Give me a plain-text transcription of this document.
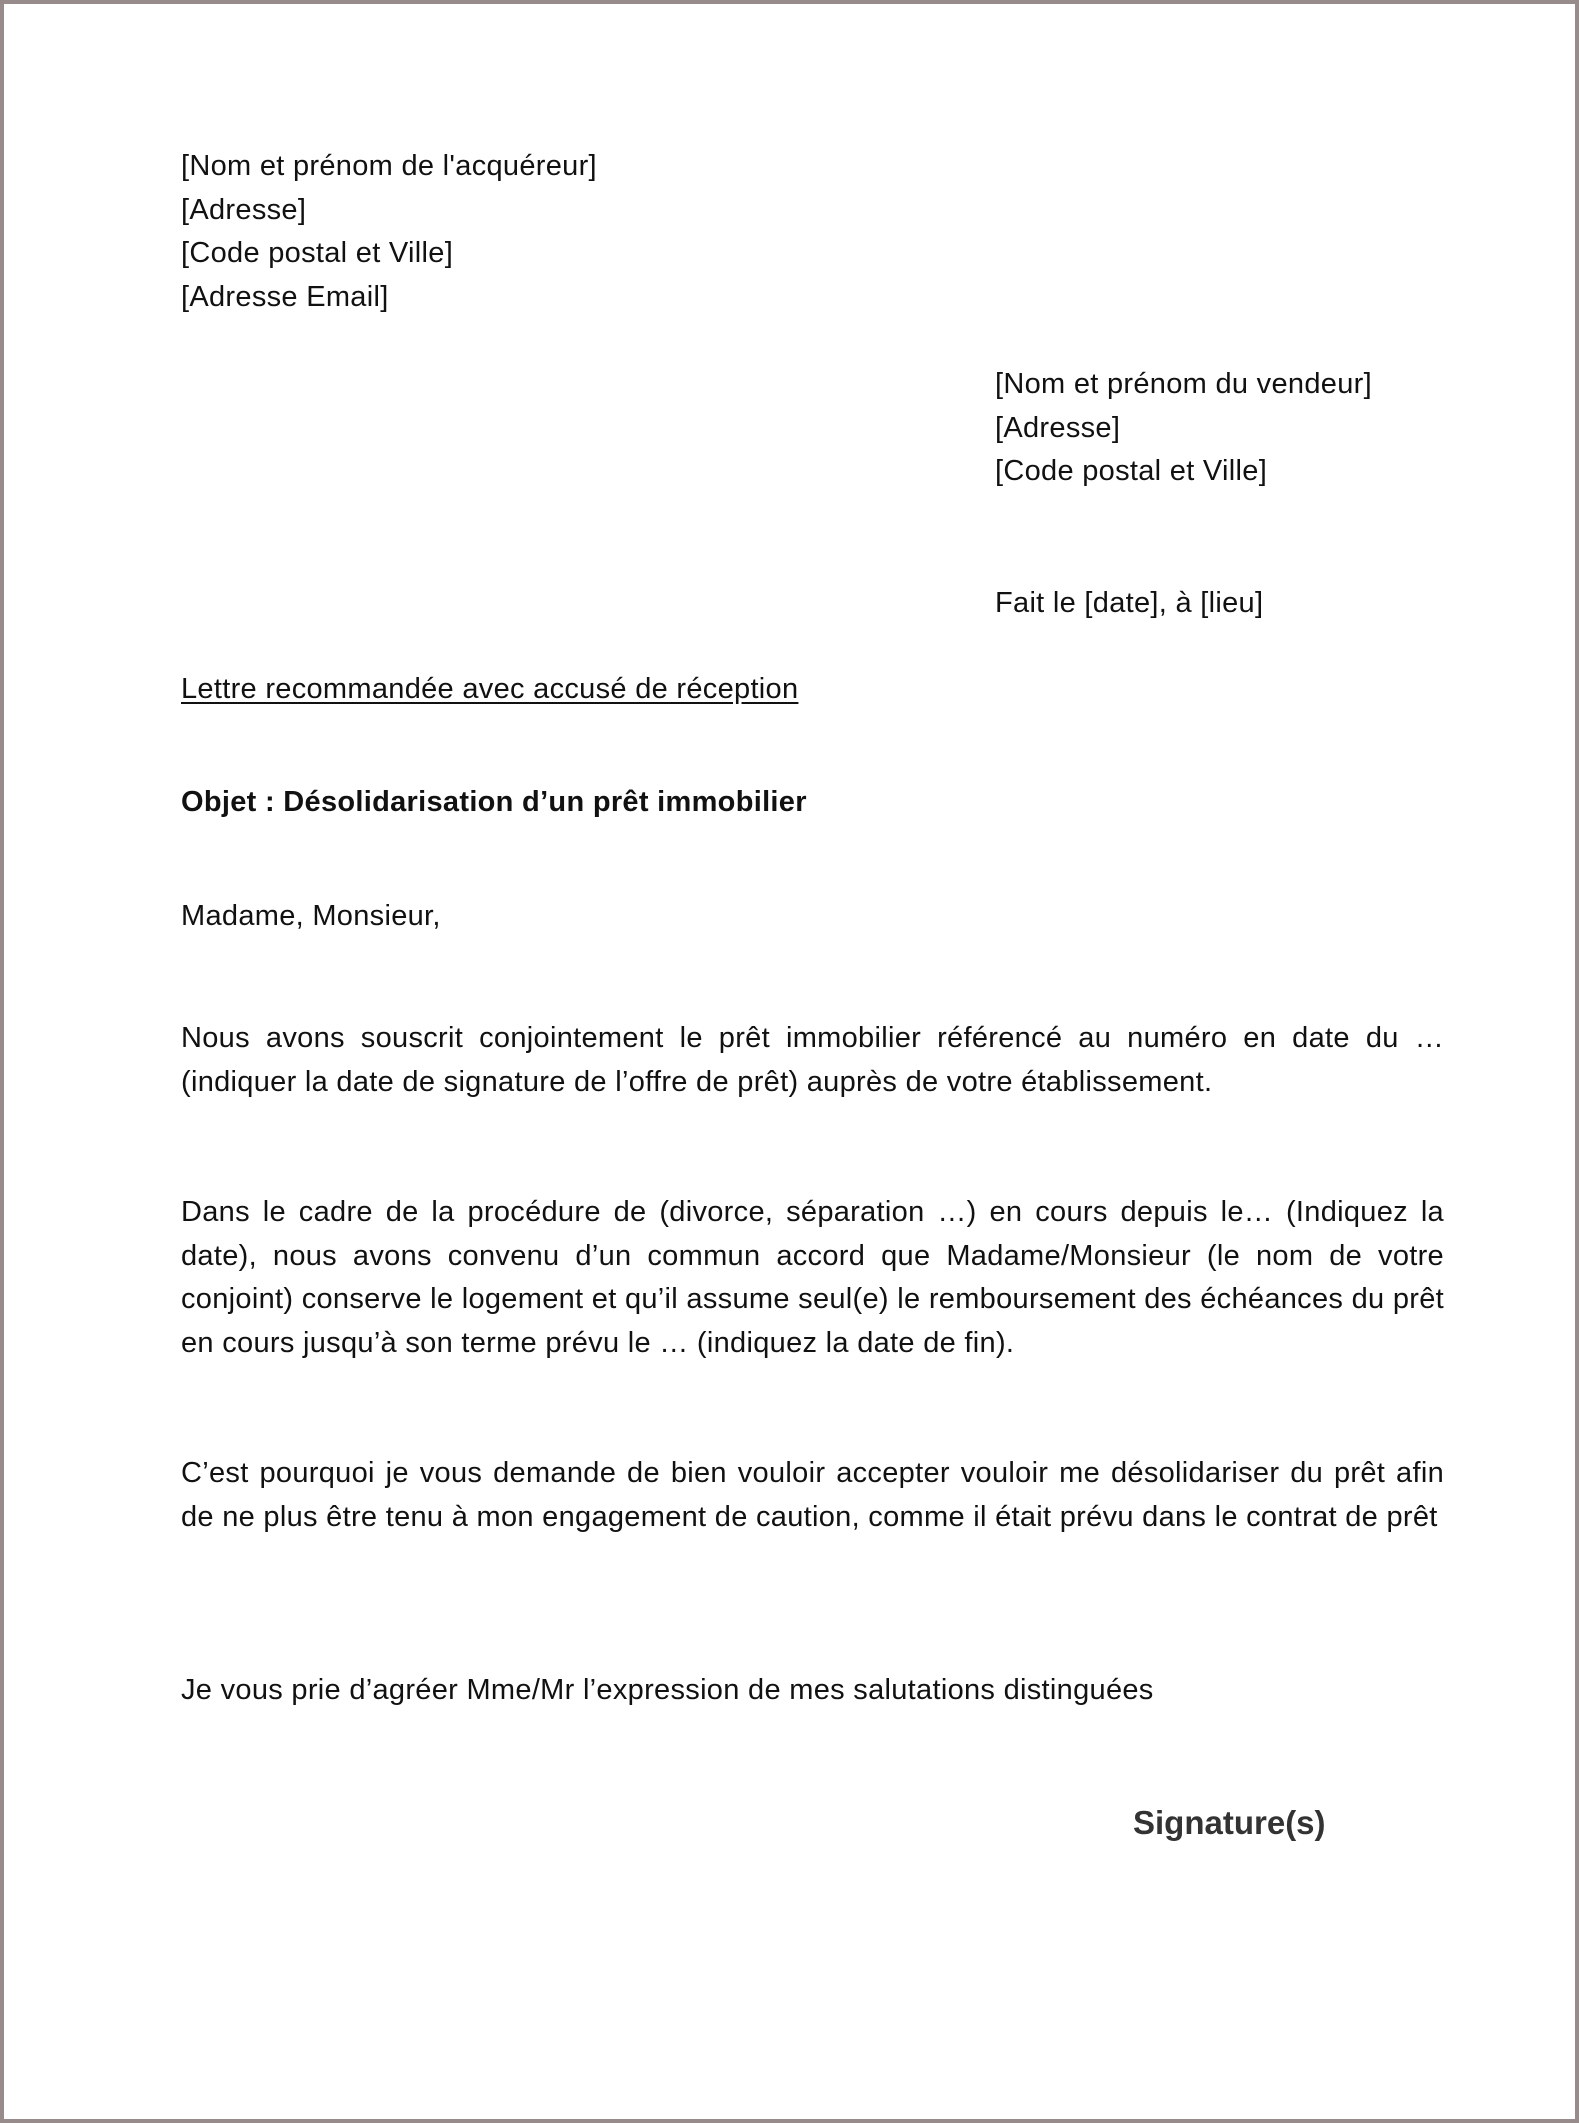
[Nom et prénom de l'acquéreur]
[Adresse]
[Code postal et Ville]
[Adresse Email]
[Nom et prénom du vendeur]
[Adresse]
[Code postal et Ville]
Fait le [date], à [lieu]
Lettre recommandée avec accusé de réception
Objet : Désolidarisation d’un prêt immobilier
Madame, Monsieur,
Nous avons souscrit conjointement le prêt immobilier référencé au numéro en date du … (indiquer la date de signature de l’offre de prêt) auprès de votre établissement.
Dans le cadre de la procédure de (divorce, séparation …) en cours depuis le… (Indiquez la date), nous avons convenu d’un commun accord que Madame/Monsieur (le nom de votre conjoint) conserve le logement et qu’il assume seul(e) le remboursement des échéances du prêt en cours jusqu’à son terme prévu le … (indiquez la date de fin).
C’est pourquoi je vous demande de bien vouloir accepter vouloir me désolidariser du prêt afin de ne plus être tenu à mon engagement de caution, comme il était prévu dans le contrat de prêt
Je vous prie d’agréer Mme/Mr l’expression de mes salutations distinguées
Signature(s)
